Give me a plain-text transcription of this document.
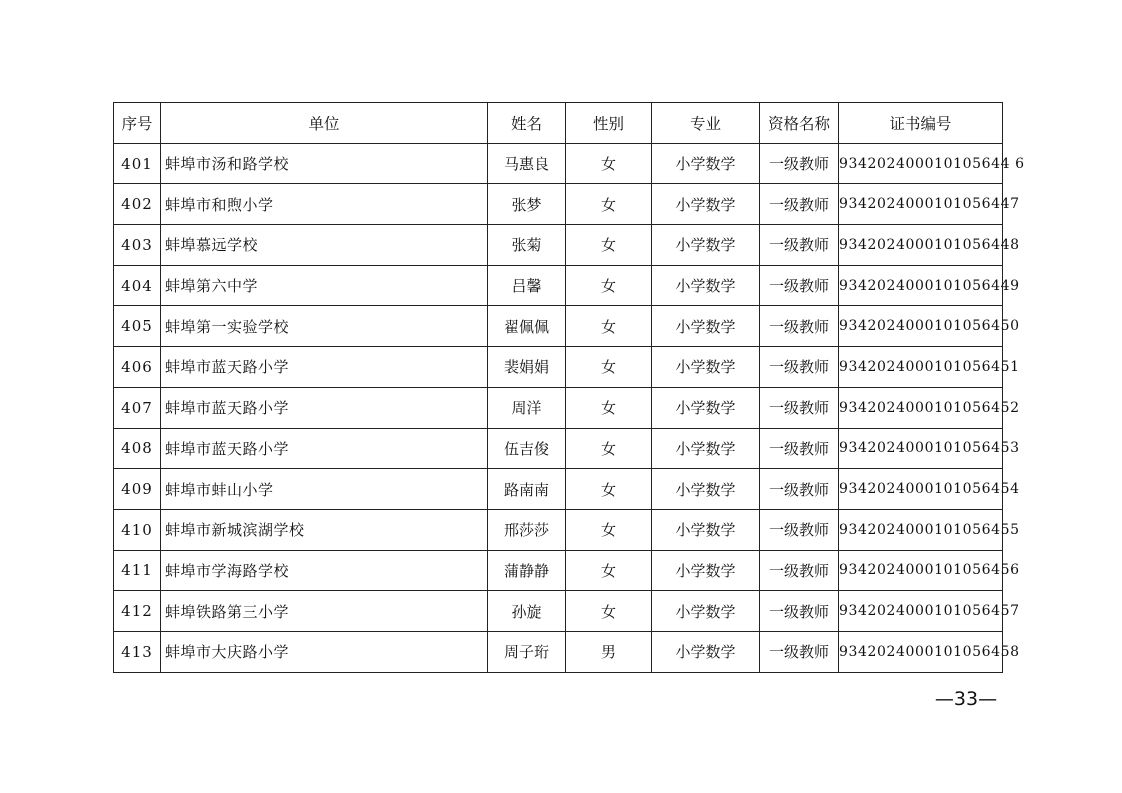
序号	单位	姓名	性别	专业	资格名称	证书编号
401	蚌埠市汤和路学校	马惠良	女	小学数学	一级教师	934202400010105644 6
402	蚌埠市和煦小学	张梦	女	小学数学	一级教师	9342024000101056447
403	蚌埠慕远学校	张菊	女	小学数学	一级教师	9342024000101056448
404	蚌埠第六中学	吕馨	女	小学数学	一级教师	9342024000101056449
405	蚌埠第一实验学校	翟佩佩	女	小学数学	一级教师	9342024000101056450
406	蚌埠市蓝天路小学	裴娟娟	女	小学数学	一级教师	9342024000101056451
407	蚌埠市蓝天路小学	周洋	女	小学数学	一级教师	9342024000101056452
408	蚌埠市蓝天路小学	伍吉俊	女	小学数学	一级教师	9342024000101056453
409	蚌埠市蚌山小学	路南南	女	小学数学	一级教师	9342024000101056454
410	蚌埠市新城滨湖学校	邢莎莎	女	小学数学	一级教师	9342024000101056455
411	蚌埠市学海路学校	蒲静静	女	小学数学	一级教师	9342024000101056456
412	蚌埠铁路第三小学	孙旋	女	小学数学	一级教师	9342024000101056457
413	蚌埠市大庆路小学	周子珩	男	小学数学	一级教师	9342024000101056458
—33—
